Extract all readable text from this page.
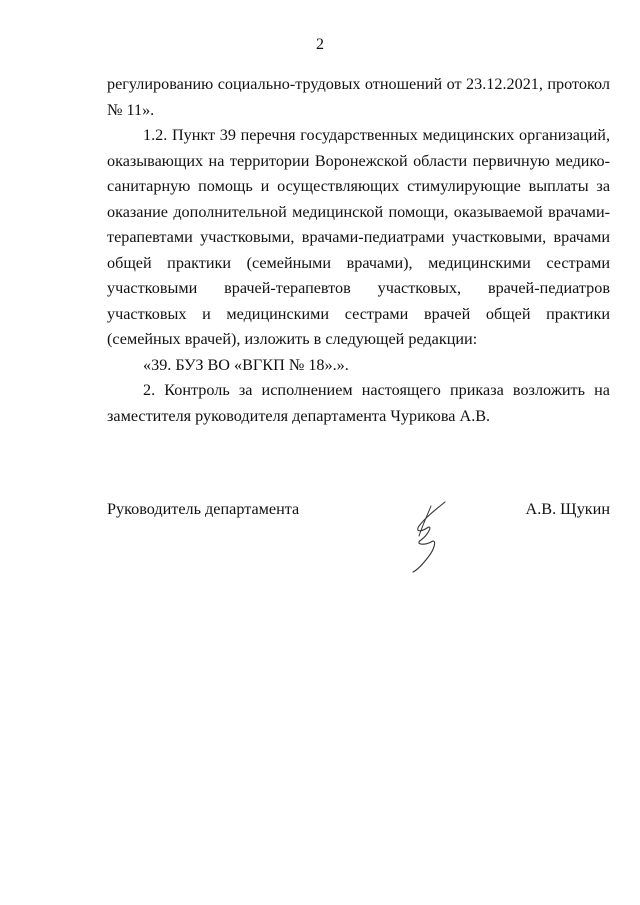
2

регулированию социально-трудовых отношений от 23.12.2021, протокол № 11».

1.2. Пункт 39 перечня государственных медицинских организаций, оказывающих на территории Воронежской области первичную медико-санитарную помощь и осуществляющих стимулирующие выплаты за оказание дополнительной медицинской помощи, оказываемой врачами-терапевтами участковыми, врачами-педиатрами участковыми, врачами общей практики (семейными врачами), медицинскими сестрами участковыми врачей-терапевтов участковых, врачей-педиатров участковых и медицинскими сестрами врачей общей практики (семейных врачей), изложить в следующей редакции:

«39. БУЗ ВО «ВГКП № 18».».

2. Контроль за исполнением настоящего приказа возложить на заместителя руководителя департамента Чурикова А.В.

Руководитель департамента	А.В. Щукин
